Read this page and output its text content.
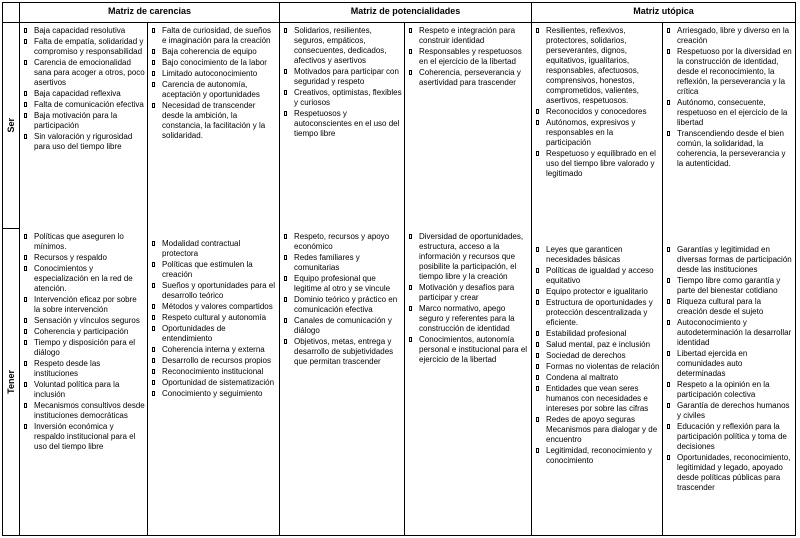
Matriz de carencias	Matriz de potencialidades	Matriz utópica
Ser
Tener
Baja capacidad resolutiva
Falta de empatía, solidaridad y compromiso y responsabilidad
Carencia de emocionalidad sana para acoger a otros, poco asertivos
Baja capacidad reflexiva
Falta de comunicación efectiva
Baja motivación para la participación
Sin valoración y rigurosidad para uso del tiempo libre
Falta de curiosidad, de sueños e imaginación para la creación
Baja coherencia de equipo
Bajo conocimiento de la labor
Limitado autoconocimiento
Carencia de autonomía, aceptación y oportunidades
Necesidad de transcender desde la ambición, la constancia, la facilitación y la solidaridad.
Solidarios, resilientes, seguros, empáticos, consecuentes, dedicados, afectivos y asertivos
Motivados para participar con seguridad y respeto
Creativos, optimistas, flexibles y curiosos
Respetuosos y autoconscientes en el uso del tiempo libre
Respeto e integración para construir identidad
Responsables y respetuosos en el ejercicio de la libertad
Coherencia, perseverancia y asertividad para trascender
Resilientes, reflexivos, protectores, solidarios, perseverantes, dignos, equitativos, igualitarios, responsables, afectuosos, comprensivos, honestos, comprometidos, valientes, asertivos, respetuosos.
Reconocidos y conocedores
Autónomos, expresivos y responsables en la participación
Respetuoso y equilibrado en el uso del tiempo libre valorado y legitimado
Arriesgado, libre y diverso en la creación
Respetuoso por la diversidad en la construcción de identidad, desde el reconocimiento, la reflexión, la perseverancia y la crítica
Autónomo, consecuente, respetuoso en el ejercicio de la libertad
Transcendiendo desde el bien común, la solidaridad, la coherencia, la perseverancia y la autenticidad.
Políticas que aseguren lo mínimos.
Recursos y respaldo
Conocimientos y especialización en la red de atención.
Intervención eficaz por sobre la sobre intervención
Sensación y vínculos seguros
Coherencia y participación
Tiempo y disposición para el diálogo
Respeto desde las instituciones
Voluntad política para la inclusión
Mecanismos consultivos desde instituciones democráticas
Inversión económica y respaldo institucional para el uso del tiempo libre
Modalidad contractual protectora
Políticas que estimulen la creación
Sueños y oportunidades para el desarrollo teórico
Métodos y valores compartidos
Respeto cultural y autonomía
Oportunidades de entendimiento
Coherencia interna y externa
Desarrollo de recursos propios
Reconocimiento institucional
Oportunidad de sistematización
Conocimiento y seguimiento
Respeto, recursos y apoyo económico
Redes familiares y comunitarias
Equipo profesional que legitime al otro y se vincule
Dominio teórico y práctico en comunicación efectiva
Canales de comunicación y diálogo
Objetivos, metas, entrega y desarrollo de subjetividades que permitan trascender
Diversidad de oportunidades, estructura, acceso a la información y recursos que posibilite la participación, el tiempo libre y la creación
Motivación y desafíos para participar y crear
Marco normativo, apego seguro y referentes para la construcción de identidad
Conocimientos, autonomía personal e institucional para el ejercicio de la libertad
Leyes que garanticen necesidades básicas
Políticas de igualdad y acceso equitativo
Equipo protector e igualitario
Estructura de oportunidades y protección descentralizada y eficiente.
Estabilidad profesional
Salud mental, paz e inclusión
Sociedad de derechos
Formas no violentas de relación
Condena al maltrato
Entidades que vean seres humanos con necesidades e intereses por sobre las cifras
Redes de apoyo seguras Mecanismos para dialogar y de encuentro
Legitimidad, reconocimiento y conocimiento
Garantías y legitimidad en diversas formas de participación desde las instituciones
Tiempo libre como garantía y parte del bienestar cotidiano
Riqueza cultural para la creación desde el sujeto
Autoconocimiento y autodeterminación la desarrollar identidad
Libertad ejercida en comunidades auto determinadas
Respeto a la opinión en la participación colectiva
Garantía de derechos humanos y civiles
Educación y reflexión para la participación política y toma de decisiones
Oportunidades, reconocimiento, legitimidad y legado, apoyado desde políticas públicas para trascender
